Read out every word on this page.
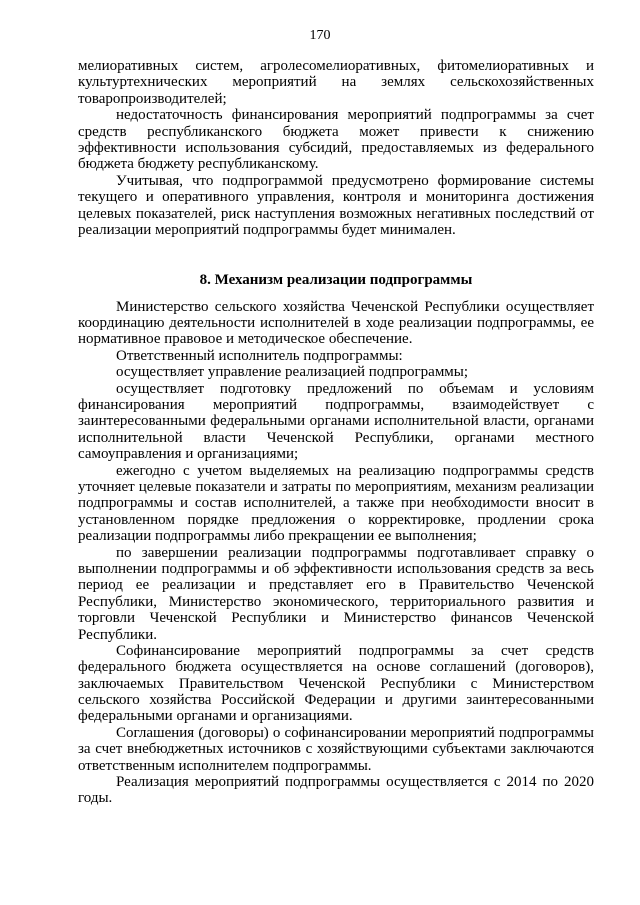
170
мелиоративных систем, агролесомелиоративных, фитомелиоративных и
культуртехнических мероприятий на землях сельскохозяйственных
товаропроизводителей;
недостаточность финансирования мероприятий подпрограммы за счет
средств республиканского бюджета может привести к снижению
эффективности использования субсидий, предоставляемых из федерального
бюджета бюджету республиканскому.
Учитывая, что подпрограммой предусмотрено формирование системы
текущего и оперативного управления, контроля и мониторинга достижения
целевых показателей, риск наступления возможных негативных последствий от
реализации мероприятий подпрограммы будет минимален.
8. Механизм реализации подпрограммы
Министерство сельского хозяйства Чеченской Республики осуществляет
координацию деятельности исполнителей в ходе реализации подпрограммы, ее
нормативное правовое и методическое обеспечение.
Ответственный исполнитель подпрограммы:
осуществляет управление реализацией подпрограммы;
осуществляет подготовку предложений по объемам и условиям
финансирования мероприятий подпрограммы, взаимодействует с
заинтересованными федеральными органами исполнительной власти, органами
исполнительной власти Чеченской Республики, органами местного
самоуправления и организациями;
ежегодно с учетом выделяемых на реализацию подпрограммы средств
уточняет целевые показатели и затраты по мероприятиям, механизм реализации
подпрограммы и состав исполнителей, а также при необходимости вносит в
установленном порядке предложения о корректировке, продлении срока
реализации подпрограммы либо прекращении ее выполнения;
по завершении реализации подпрограммы подготавливает справку о
выполнении подпрограммы и об эффективности использования средств за весь
период ее реализации и представляет его в Правительство Чеченской
Республики, Министерство экономического, территориального развития и
торговли Чеченской Республики и Министерство финансов Чеченской
Республики.
Софинансирование мероприятий подпрограммы за счет средств
федерального бюджета осуществляется на основе соглашений (договоров),
заключаемых Правительством Чеченской Республики с Министерством
сельского хозяйства Российской Федерации и другими заинтересованными
федеральными органами и организациями.
Соглашения (договоры) о софинансировании мероприятий подпрограммы
за счет внебюджетных источников с хозяйствующими субъектами заключаются
ответственным исполнителем подпрограммы.
Реализация мероприятий подпрограммы осуществляется с 2014 по 2020
годы.
